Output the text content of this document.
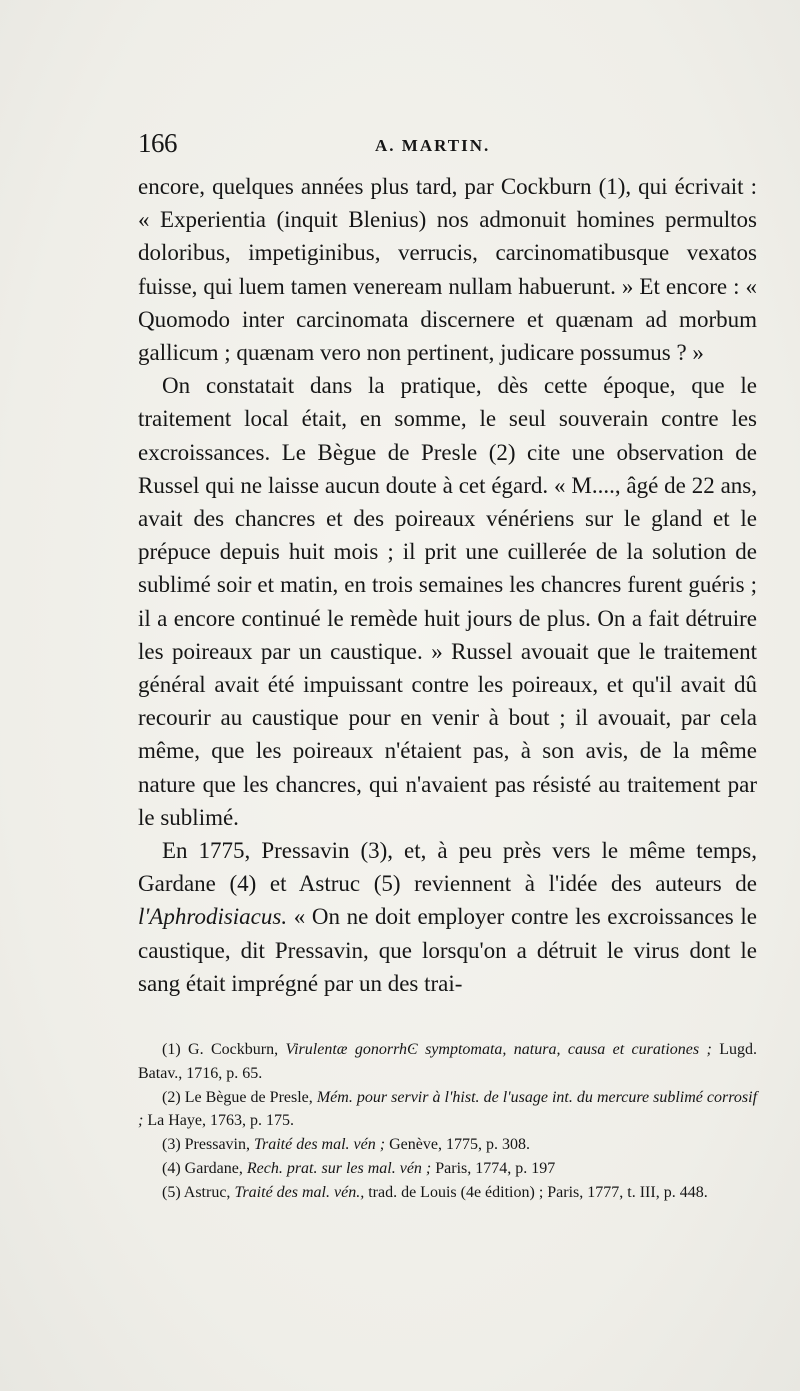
166	A. MARTIN.

encore, quelques années plus tard, par Cockburn (1), qui écrivait : « Experientia (inquit Blenius) nos admonuit homines permultos doloribus, impetiginibus, verrucis, carcinomatibusque vexatos fuisse, qui luem tamen veneream nullam habuerunt. » Et encore : « Quomodo inter carcinomata discernere et quænam ad morbum gallicum ; quænam vero non pertinent, judicare possumus ? »

On constatait dans la pratique, dès cette époque, que le traitement local était, en somme, le seul souverain contre les excroissances. Le Bègue de Presle (2) cite une observation de Russel qui ne laisse aucun doute à cet égard. « M...., âgé de 22 ans, avait des chancres et des poireaux vénériens sur le gland et le prépuce depuis huit mois ; il prit une cuillerée de la solution de sublimé soir et matin, en trois semaines les chancres furent guéris ; il a encore continué le remède huit jours de plus. On a fait détruire les poireaux par un caustique. » Russel avouait que le traitement général avait été impuissant contre les poireaux, et qu'il avait dû recourir au caustique pour en venir à bout ; il avouait, par cela même, que les poireaux n'étaient pas, à son avis, de la même nature que les chancres, qui n'avaient pas résisté au traitement par le sublimé.

En 1775, Pressavin (3), et, à peu près vers le même temps, Gardane (4) et Astruc (5) reviennent à l'idée des auteurs de l'Aphrodisiacus. « On ne doit employer contre les excroissances le caustique, dit Pressavin, que lorsqu'on a détruit le virus dont le sang était imprégné par un des trai-

(1) G. Cockburn, Virulentæ gonorrhϾ symptomata, natura, causa et curationes ; Lugd. Batav., 1716, p. 65.

(2) Le Bègue de Presle, Mém. pour servir à l'hist. de l'usage int. du mercure sublimé corrosif ; La Haye, 1763, p. 175.

(3) Pressavin, Traité des mal. vén ; Genève, 1775, p. 308.

(4) Gardane, Rech. prat. sur les mal. vén ; Paris, 1774, p. 197

(5) Astruc, Traité des mal. vén., trad. de Louis (4e édition) ; Paris, 1777, t. III, p. 448.
